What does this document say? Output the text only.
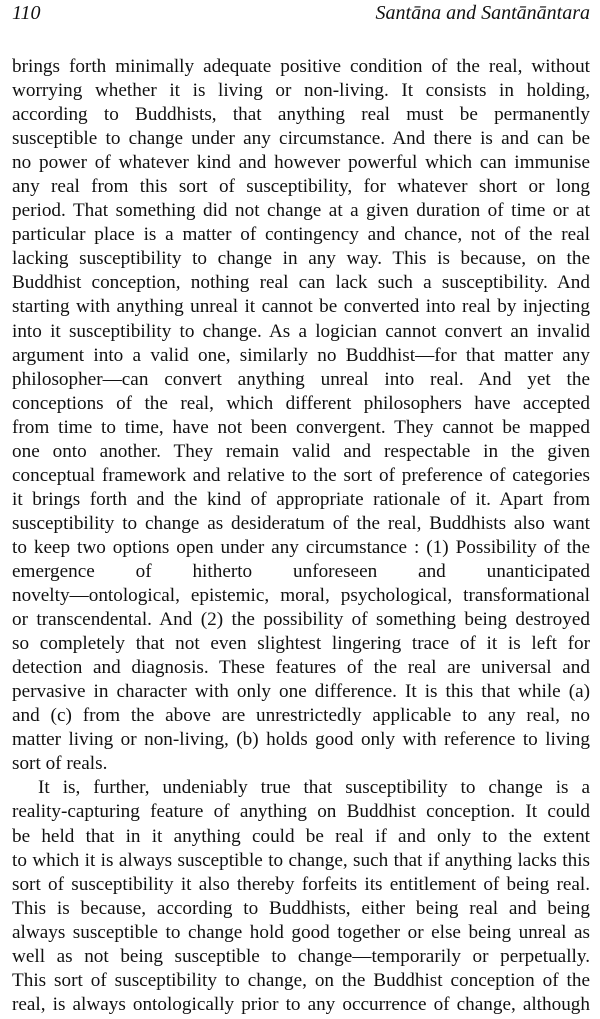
110	Santāna and Santānāntara
brings forth minimally adequate positive condition of the real, without
worrying whether it is living or non-living. It consists in holding,
according to Buddhists, that anything real must be permanently
susceptible to change under any circumstance. And there is and can be
no power of whatever kind and however powerful which can immunise
any real from this sort of susceptibility, for whatever short or long
period. That something did not change at a given duration of time or at
particular place is a matter of contingency and chance, not of the real
lacking susceptibility to change in any way. This is because, on the
Buddhist conception, nothing real can lack such a susceptibility. And
starting with anything unreal it cannot be converted into real by injecting
into it susceptibility to change. As a logician cannot convert an invalid
argument into a valid one, similarly no Buddhist—for that matter any
philosopher—can convert anything unreal into real. And yet the
conceptions of the real, which different philosophers have accepted
from time to time, have not been convergent. They cannot be mapped
one onto another. They remain valid and respectable in the given
conceptual framework and relative to the sort of preference of categories
it brings forth and the kind of appropriate rationale of it. Apart from
susceptibility to change as desideratum of the real, Buddhists also want
to keep two options open under any circumstance : (1) Possibility of the
emergence of hitherto unforeseen and unanticipated
novelty—ontological, epistemic, moral, psychological, transformational
or transcendental. And (2) the possibility of something being destroyed
so completely that not even slightest lingering trace of it is left for
detection and diagnosis. These features of the real are universal and
pervasive in character with only one difference. It is this that while (a)
and (c) from the above are unrestrictedly applicable to any real, no
matter living or non-living, (b) holds good only with reference to living
sort of reals.
It is, further, undeniably true that susceptibility to change is a
reality-capturing feature of anything on Buddhist conception. It could
be held that in it anything could be real if and only to the extent
to which it is always susceptible to change, such that if anything lacks this
sort of susceptibility it also thereby forfeits its entitlement of being real.
This is because, according to Buddhists, either being real and being
always susceptible to change hold good together or else being unreal as
well as not being susceptible to change—temporarily or perpetually.
This sort of susceptibility to change, on the Buddhist conception of the
real, is always ontologically prior to any occurrence of change, although
